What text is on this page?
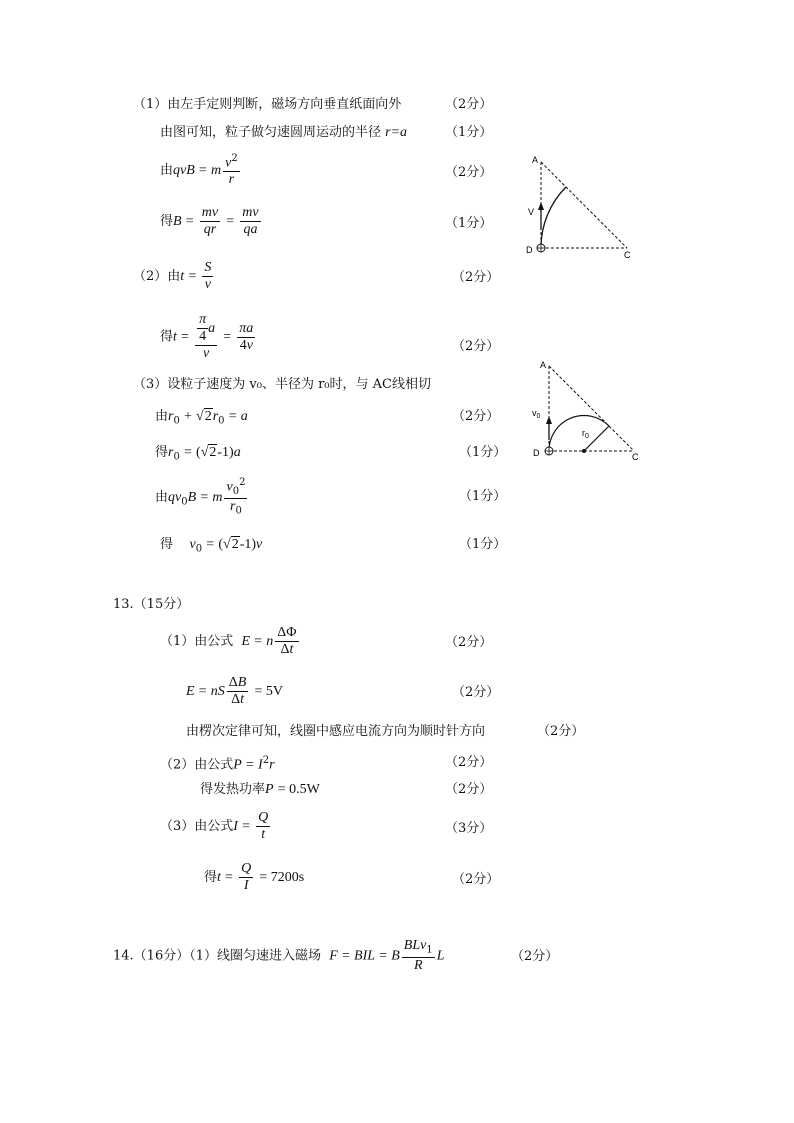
（1）由左手定则判断，磁场方向垂直纸面向外	（2分）
由图可知，粒子做匀速圆周运动的半径 r=a	（1分）
由qvB = m $\frac{v^2}{r}$	（2分）
得$B = \frac{mv}{qr} = \frac{mv}{qa}$	（1分）
（2）由$t = \frac{S}{v}$	（2分）
得$t = \frac{\frac{\pi}{4} a}{v} = \frac{\pi a}{4v}$	（2分）
（3）设粒子速度为 v₀、半径为 r₀时，与 AC线相切
由$r_0 + √2r_0 = a$	（2分）
得$r_0 = (√2-1)a$	（1分）
由$qv_0B = m \frac{v_0^2}{r_0}$	（1分）
得 $v_0 = (√2-1)v$	（1分）
A
V
D	C
A
$v_0$
$r_0$
D	C
13.（15分）
（1）由公式 E = n $\frac{\Delta\Phi}{\Delta t}$	（2分）
E = nS $\frac{\Delta B}{\Delta t} = 5V$	（2分）
由楞次定律可知，线圈中感应电流方向为顺时针方向	（2分）
（2）由公式$P = I^2r$	（2分）
得发热功率P = 0.5W	（2分）
（3）由公式$I = \frac{Q}{t}$	（3分）
得$t = \frac{Q}{I} = 7200s$	（2分）
14.（16分）（1）线圈匀速进入磁场 F = BIL = B $\frac{BLv_1}{R}$ L	（2分）
